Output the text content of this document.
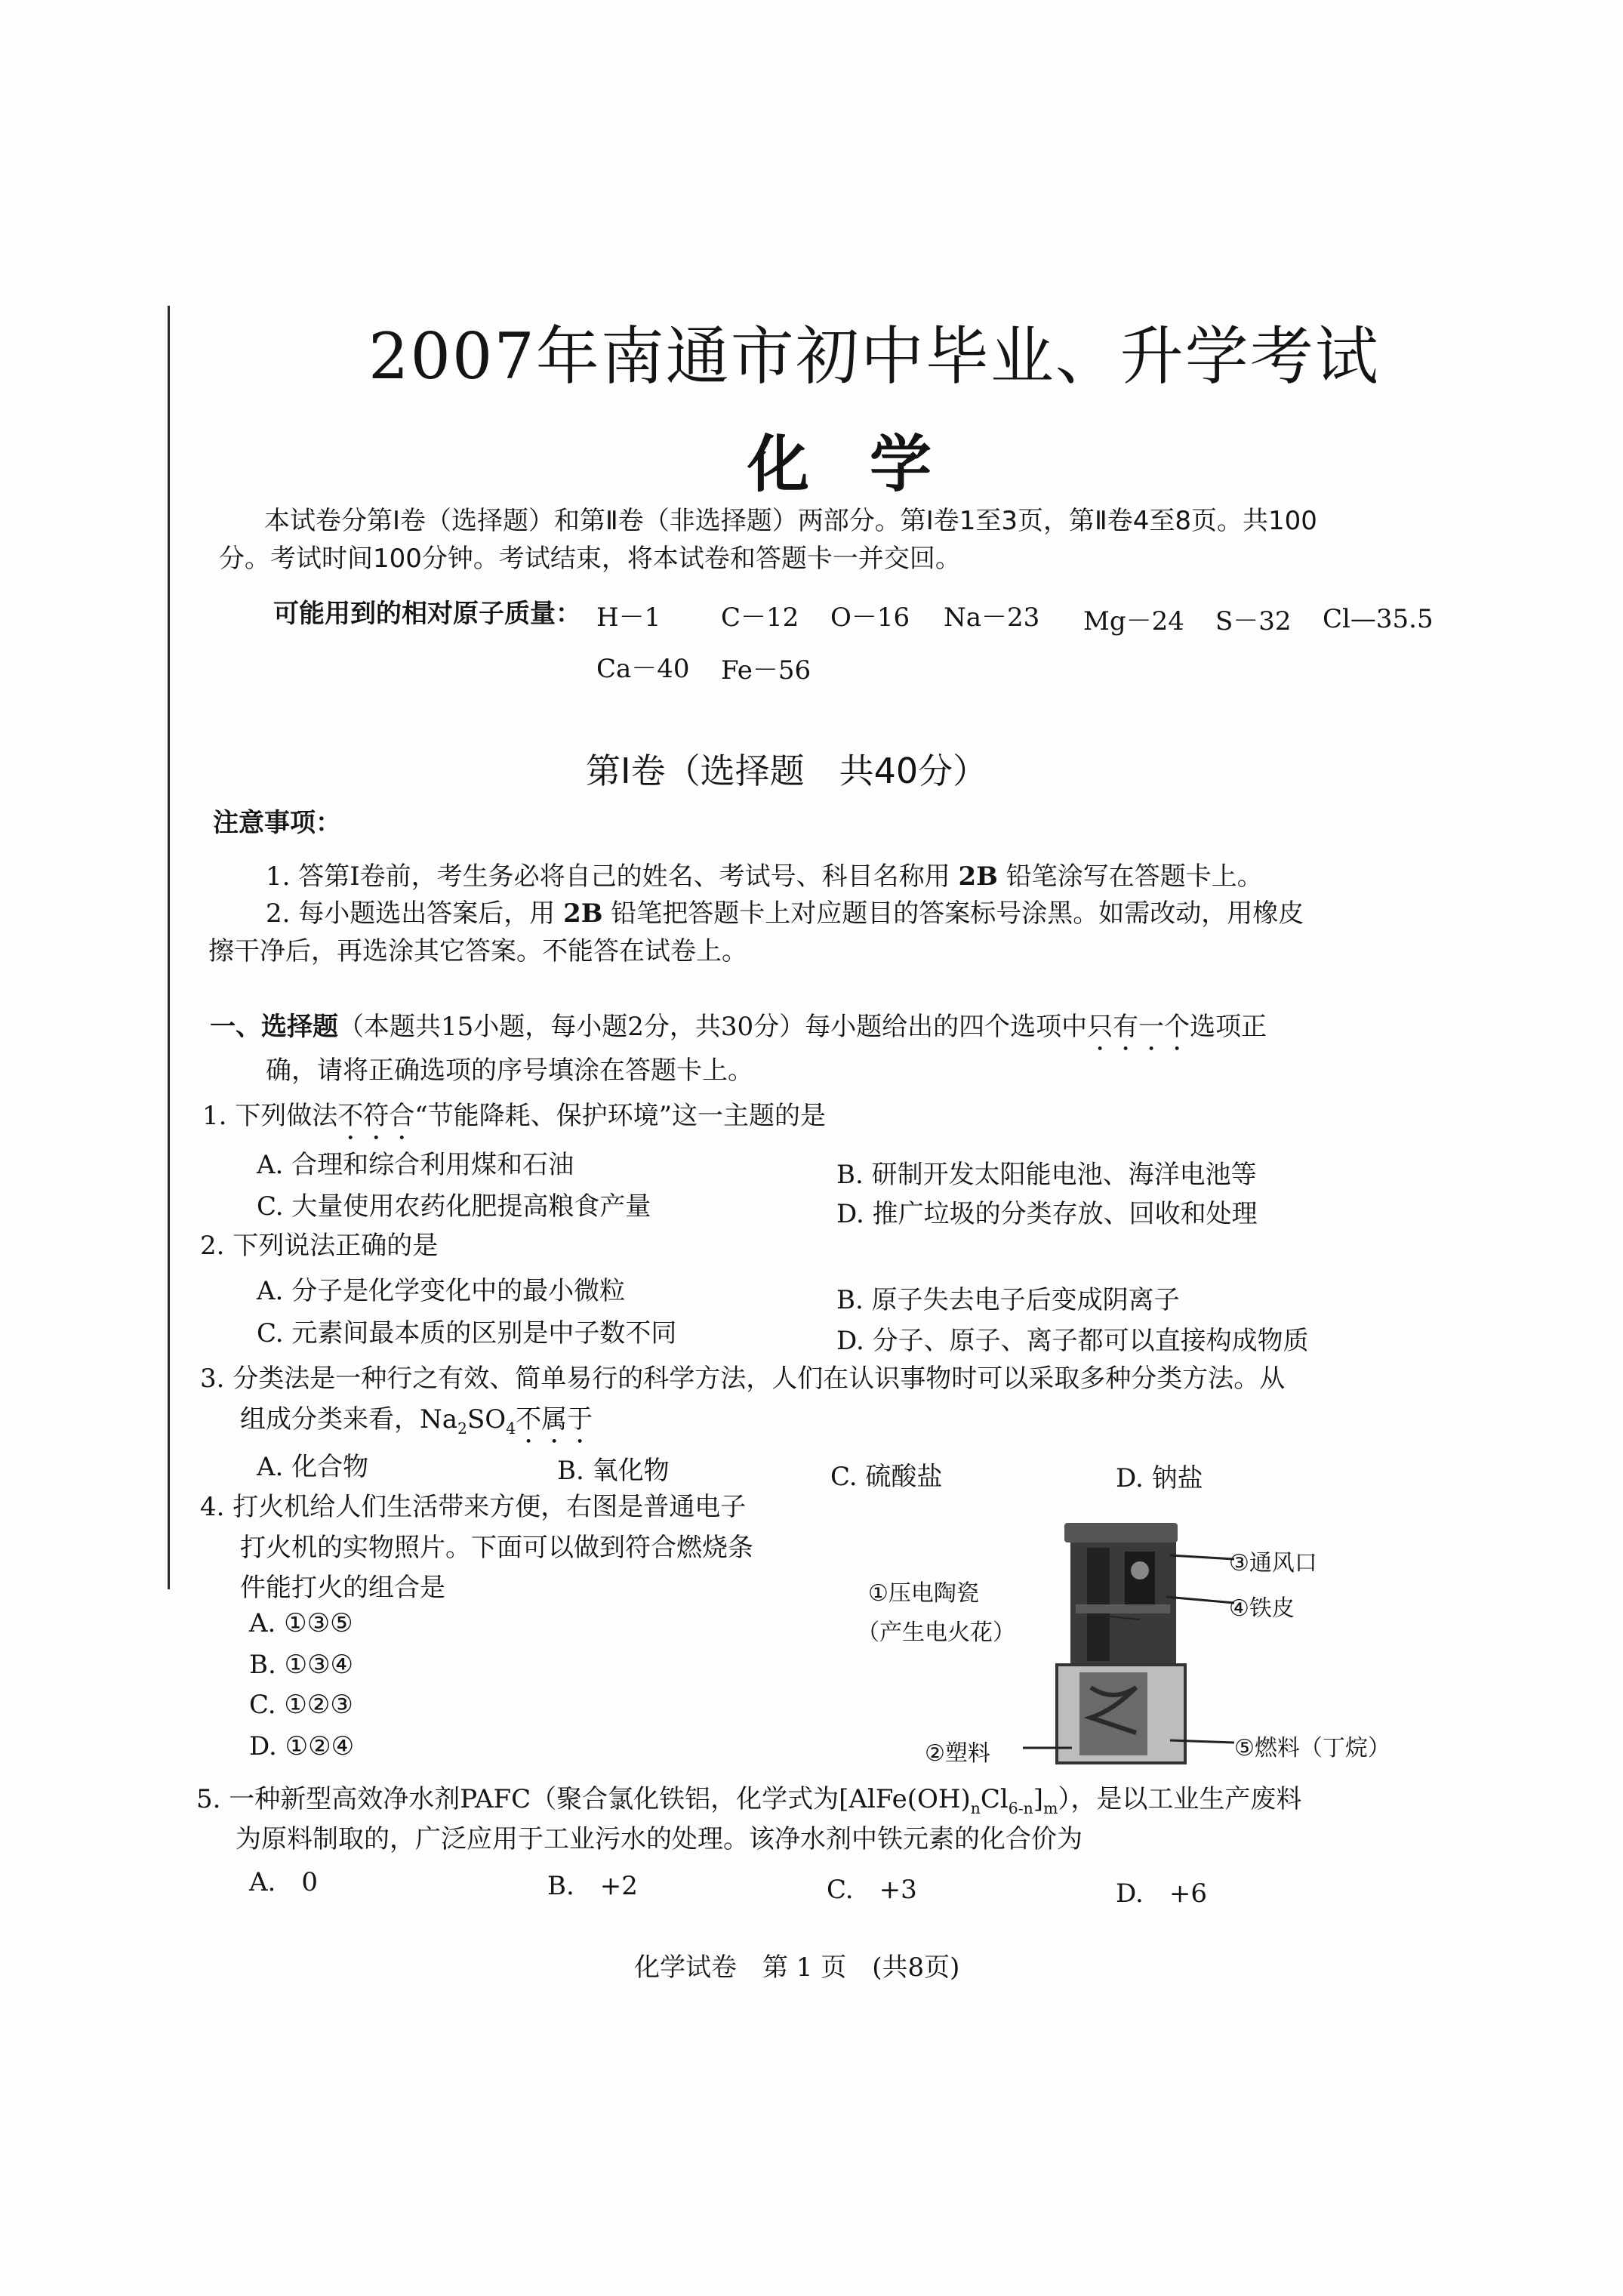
2007年南通市初中毕业、升学考试
化学
本试卷分第Ⅰ卷（选择题）和第Ⅱ卷（非选择题）两部分。第Ⅰ卷1至3页，第Ⅱ卷4至8页。共100
分。考试时间100分钟。考试结束，将本试卷和答题卡一并交回。
可能用到的相对原子质量： H－1 C－12 O－16 Na－23 Mg－24 S－32 Cl—35.5
Ca－40 Fe－56
第Ⅰ卷（选择题　共40分）
注意事项：
1. 答第Ⅰ卷前，考生务必将自己的姓名、考试号、科目名称用 2B 铅笔涂写在答题卡上。
2. 每小题选出答案后，用 2B 铅笔把答题卡上对应题目的答案标号涂黑。如需改动，用橡皮
擦干净后，再选涂其它答案。不能答在试卷上。
一、选择题（本题共15小题，每小题2分，共30分）每小题给出的四个选项中只有一个选项正
确，请将正确选项的序号填涂在答题卡上。
1. 下列做法不符合“节能降耗、保护环境”这一主题的是
A. 合理和综合利用煤和石油	B. 研制开发太阳能电池、海洋电池等
C. 大量使用农药化肥提高粮食产量	D. 推广垃圾的分类存放、回收和处理
2. 下列说法正确的是
A. 分子是化学变化中的最小微粒	B. 原子失去电子后变成阴离子
C. 元素间最本质的区别是中子数不同	D. 分子、原子、离子都可以直接构成物质
3. 分类法是一种行之有效、简单易行的科学方法，人们在认识事物时可以采取多种分类方法。从
组成分类来看，$Na_2SO_4$不属于
A. 化合物	B. 氧化物	C. 硫酸盐	D. 钠盐
4. 打火机给人们生活带来方便，右图是普通电子
打火机的实物照片。下面可以做到符合燃烧条
件能打火的组合是
A. ①③⑤
B. ①③④
C. ①②③
D. ①②④
③通风口
①压电陶瓷
（产生电火花）
④铁皮
②塑料	⑤燃料（丁烷）
5. 一种新型高效净水剂PAFC（聚合氯化铁铝，化学式为$[AlFe(OH)_nCl_{6-n}]_m$），是以工业生产废料
为原料制取的，广泛应用于工业污水的处理。该净水剂中铁元素的化合价为
A.　0	B.　+2	C.　+3	D.　+6
化学试卷　第 1 页　(共8页)
